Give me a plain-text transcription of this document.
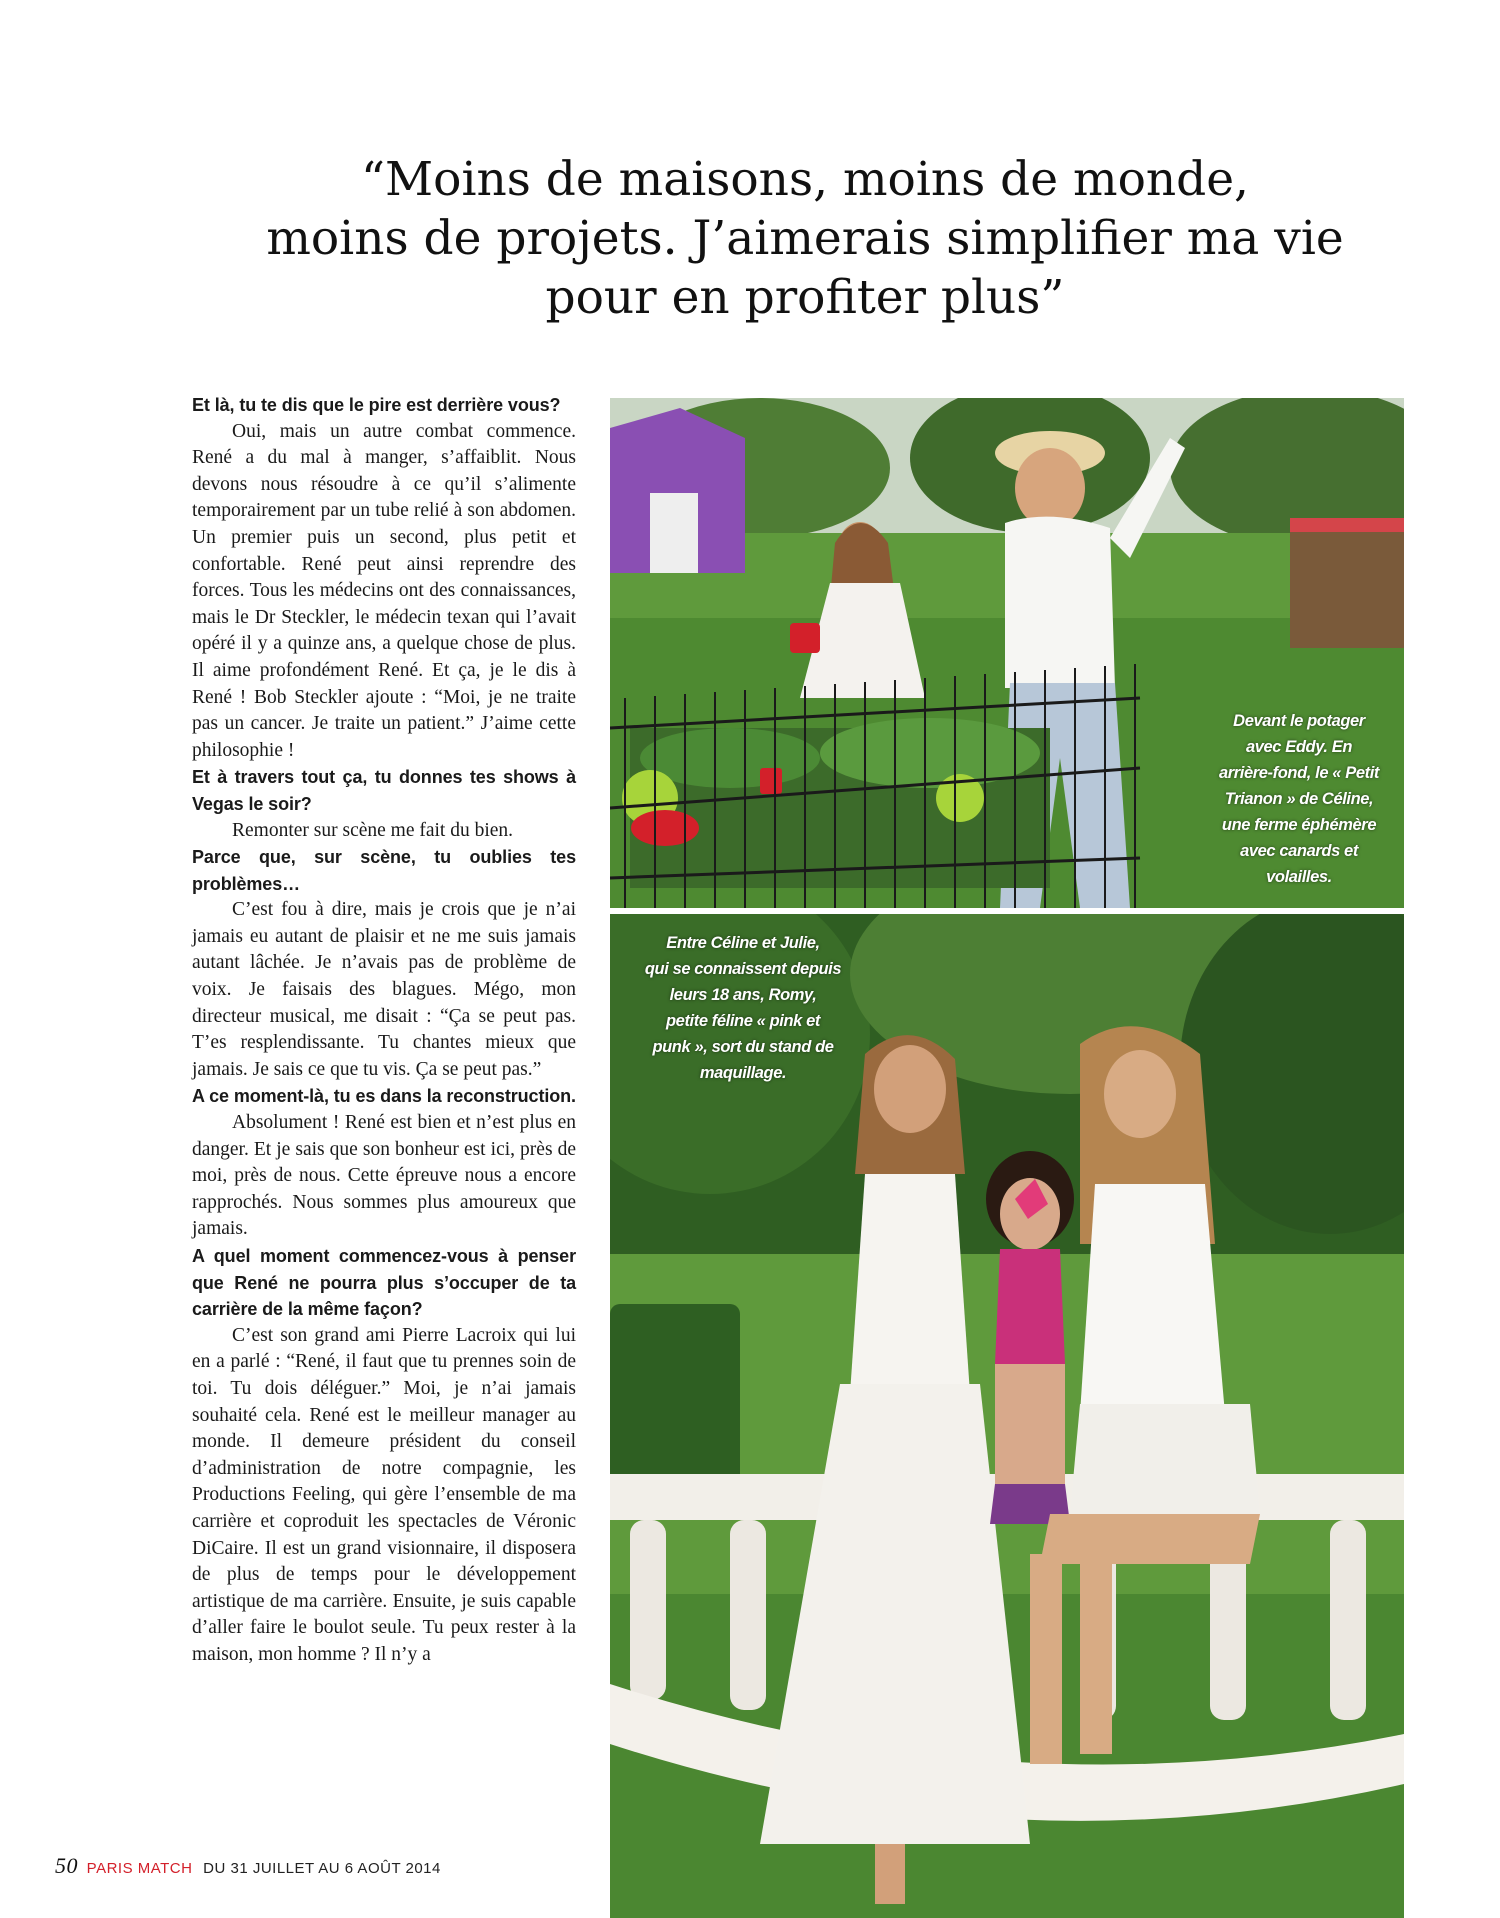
“Moins de maisons, moins de monde,
moins de projets. J’aimerais simplifier ma vie
pour en profiter plus”

Et là, tu te dis que le pire est derrière vous?

Oui, mais un autre combat commence. René a du mal à manger, s’affaiblit. Nous devons nous résoudre à ce qu’il s’alimente temporairement par un tube relié à son abdomen. Un premier puis un second, plus petit et confortable. René peut ainsi reprendre des forces. Tous les médecins ont des connaissances, mais le Dr Steckler, le médecin texan qui l’avait opéré il y a quinze ans, a quelque chose de plus. Il aime profondément René. Et ça, je le dis à René ! Bob Steckler ajoute : “Moi, je ne traite pas un cancer. Je traite un patient.” J’aime cette philosophie !

Et à travers tout ça, tu donnes tes shows à Vegas le soir?

Remonter sur scène me fait du bien.

Parce que, sur scène, tu oublies tes problèmes…

C’est fou à dire, mais je crois que je n’ai jamais eu autant de plaisir et ne me suis jamais autant lâchée. Je n’avais pas de problème de voix. Je faisais des blagues. Mégo, mon directeur musical, me disait : “Ça se peut pas. T’es resplendissante. Tu chantes mieux que jamais. Je sais ce que tu vis. Ça se peut pas.”

A ce moment-là, tu es dans la reconstruction.

Absolument ! René est bien et n’est plus en danger. Et je sais que son bonheur est ici, près de moi, près de nous. Cette épreuve nous a encore rapprochés. Nous sommes plus amoureux que jamais.

A quel moment commencez-vous à penser que René ne pourra plus s’occuper de ta carrière de la même façon?

C’est son grand ami Pierre Lacroix qui lui en a parlé : “René, il faut que tu prennes soin de toi. Tu dois déléguer.” Moi, je n’ai jamais souhaité cela. René est le meilleur manager au monde. Il demeure président du conseil d’administration de notre compagnie, les Productions Feeling, qui gère l’ensemble de ma carrière et coproduit les spectacles de Véronic DiCaire. Il est un grand visionnaire, il disposera de plus de temps pour le développement artistique de ma carrière. Ensuite, je suis capable d’aller faire le boulot seule. Tu peux rester à la maison, mon homme ? Il n’y a

Devant le potager
avec Eddy. En
arrière-fond, le « Petit
Trianon » de Céline,
une ferme éphémère
avec canards et
volailles.
Entre Céline et Julie,
qui se connaissent depuis
leurs 18 ans, Romy,
petite féline « pink et
punk », sort du stand de
maquillage.
50 PARIS MATCH DU 31 JUILLET AU 6 AOÛT 2014
